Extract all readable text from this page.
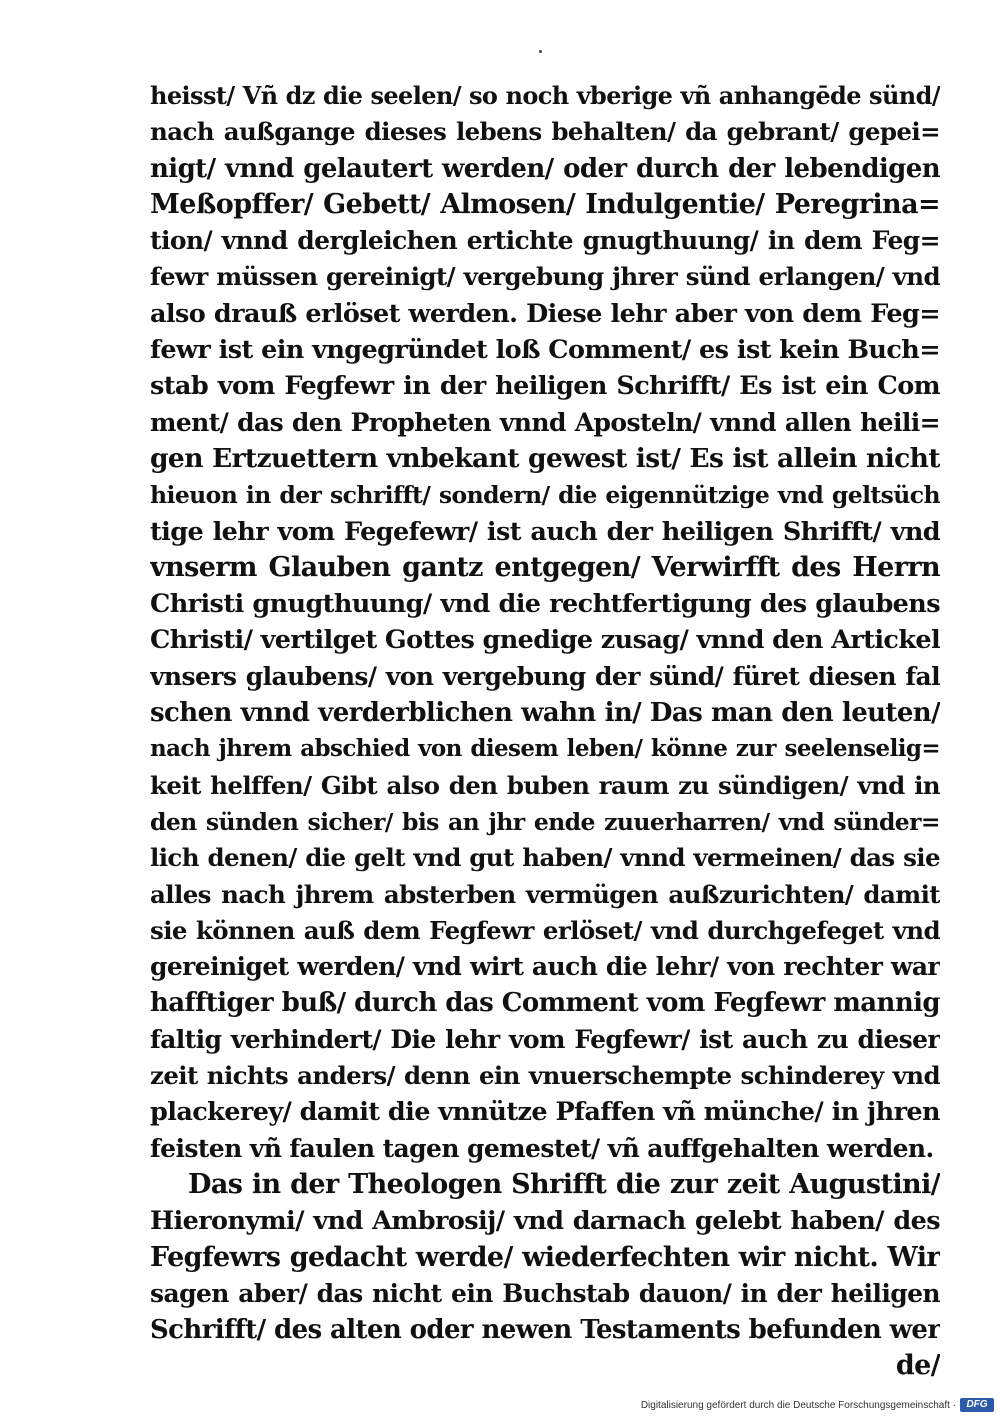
heisst/ Vñ dz die seelen/ so noch vberige vñ anhangēde sünd/
nach außgange dieses lebens behalten/ da gebrant/ gepei=
nigt/ vnnd gelautert werden/ oder durch der lebendigen
Meßopffer/ Gebett/ Almosen/ Indulgentie/ Peregrina=
tion/ vnnd dergleichen ertichte gnugthuung/ in dem Feg=
fewr müssen gereinigt/ vergebung jhrer sünd erlangen/ vnd
also drauß erlöset werden. Diese lehr aber von dem Feg=
fewr ist ein vngegründet loß Comment/ es ist kein Buch=
stab vom Fegfewr in der heiligen Schrifft/ Es ist ein Com
ment/ das den Propheten vnnd Aposteln/ vnnd allen heili=
gen Ertzuettern vnbekant gewest ist/ Es ist allein nicht
hieuon in der schrifft/ sondern/ die eigennützige vnd geltsüch
tige lehr vom Fegefewr/ ist auch der heiligen Shrifft/ vnd
vnserm Glauben gantz entgegen/ Verwirfft des Herrn
Christi gnugthuung/ vnd die rechtfertigung des glaubens
Christi/ vertilget Gottes gnedige zusag/ vnnd den Artickel
vnsers glaubens/ von vergebung der sünd/ füret diesen fal
schen vnnd verderblichen wahn in/ Das man den leuten/
nach jhrem abschied von diesem leben/ könne zur seelenselig=
keit helffen/ Gibt also den buben raum zu sündigen/ vnd in
den sünden sicher/ bis an jhr ende zuuerharren/ vnd sünder=
lich denen/ die gelt vnd gut haben/ vnnd vermeinen/ das sie
alles nach jhrem absterben vermügen außzurichten/ damit
sie können auß dem Fegfewr erlöset/ vnd durchgefeget vnd
gereiniget werden/ vnd wirt auch die lehr/ von rechter war
hafftiger buß/ durch das Comment vom Fegfewr mannig
faltig verhindert/ Die lehr vom Fegfewr/ ist auch zu dieser
zeit nichts anders/ denn ein vnuerschempte schinderey vnd
plackerey/ damit die vnnütze Pfaffen vñ münche/ in jhren
feisten vñ faulen tagen gemestet/ vñ auffgehalten werden.
Das in der Theologen Shrifft die zur zeit Augustini/
Hieronymi/ vnd Ambrosij/ vnd darnach gelebt haben/ des
Fegfewrs gedacht werde/ wiederfechten wir nicht. Wir
sagen aber/ das nicht ein Buchstab dauon/ in der heiligen
Schrifft/ des alten oder newen Testaments befunden wer
de/
Digitalisierung gefördert durch die Deutsche Forschungsgemeinschaft ·	DFG
